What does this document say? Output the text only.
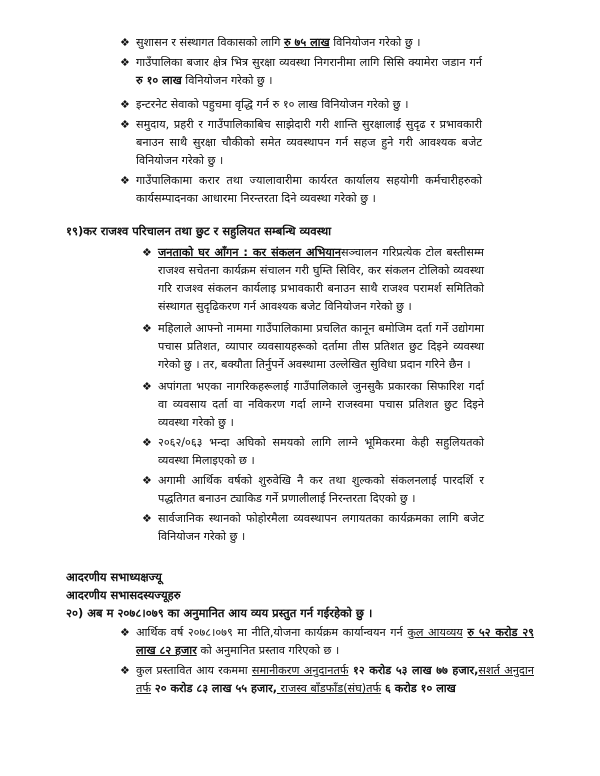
❖ सुशासन र संस्थागत विकासको लागि रु ७५ लाख विनियोजन गरेको छु ।
❖ गाउँपालिका बजार क्षेत्र भित्र सुरक्षा व्यवस्था निगरानीमा लागि सिसि क्यामेरा जडान गर्न रु १० लाख विनियोजन गरेको छु ।
❖ इन्टरनेट सेवाको पहुचमा वृद्धि गर्न रु १० लाख विनियोजन गरेको छु ।
❖ समुदाय, प्रहरी र गाउँपालिकाबिच साझेदारी गरी शान्ति सुरक्षालाई सुदृढ र प्रभावकारी बनाउन साथै सुरक्षा चौकीको समेत व्यवस्थापन गर्न सहज हुने गरी आवश्यक बजेट विनियोजन गरेको छु ।
❖ गाउँपालिकामा करार तथा ज्यालावारीमा कार्यरत कार्यालय सहयोगी कर्मचारीहरुको कार्यसम्पादनका आधारमा निरन्तरता दिने व्यवस्था गरेको छु ।
१९)कर राजश्व परिचालन तथा छुट र सहुलियत सम्बन्धि व्यवस्था
❖ जनताको घर आँगन : कर संकलन अभियानसञ्चालन गरिप्रत्येक टोल बस्तीसम्म राजश्व सचेतना कार्यक्रम संचालन गरी घुम्ति सिविर, कर संकलन टोलिको व्यवस्था गरि राजश्व संकलन कार्यलाइ प्रभावकारी बनाउन साथै राजश्व परामर्श समितिको संस्थागत सुदृढिकरण गर्न आवश्यक बजेट विनियोजन गरेको छु ।
❖ महिलाले आफ्नो नाममा गाउँपालिकामा प्रचलित कानून बमोजिम दर्ता गर्ने उद्योगमा पचास प्रतिशत, व्यापार व्यवसायहरूको दर्तामा तीस प्रतिशत छुट दिइने व्यवस्था गरेको छु । तर, बक्यौता तिर्नुपर्ने अवस्थामा उल्लेखित सुविधा प्रदान गरिने छैन ।
❖ अपांगता भएका नागरिकहरूलाई गाउँपालिकाले जुनसुकै प्रकारका सिफारिश गर्दा वा व्यवसाय दर्ता वा नविकरण गर्दा लाग्ने राजस्वमा पचास प्रतिशत छुट दिइने व्यवस्था गरेको छु ।
❖ २०६२/०६३ भन्दा अघिको समयको लागि लाग्ने भूमिकरमा केही सहुलियतको व्यवस्था मिलाइएको छ ।
❖ अगामी आर्थिक वर्षको शुरुवेखि नै कर तथा शुल्कको संकलनलाई पारदर्शि र पद्धतिगत बनाउन ट्याकिड गर्ने प्रणालीलाई निरन्तरता दिएको छु ।
❖ सार्वजानिक स्थानको फोहोरमैला व्यवस्थापन लगायतका कार्यक्रमका लागि बजेट विनियोजन गरेको छु ।
आदरणीय सभाध्यक्षज्यू
आदरणीय सभासदस्यज्यूहरु
२०) अब म २०७८।०७९ का अनुमानित आय व्यय प्रस्तुत गर्न गईरहेको छु ।
❖ आर्थिक वर्ष २०७८।०७९ मा नीति,योजना कार्यक्रम कार्यान्वयन गर्न कुल आयव्यय रु ५२ करोड २९ लाख ८२ हजार को अनुमानित प्रस्ताव गरिएको छ ।
❖ कुल प्रस्तावित आय रकममा समानीकरण अनुदानतर्फ १२ करोड ५३ लाख ७७ हजार,सशर्त अनुदान तर्फ २० करोड ८३ लाख ५५ हजार, राजस्व बाँडफाँड(संघ)तर्फ ६ करोड १० लाख
